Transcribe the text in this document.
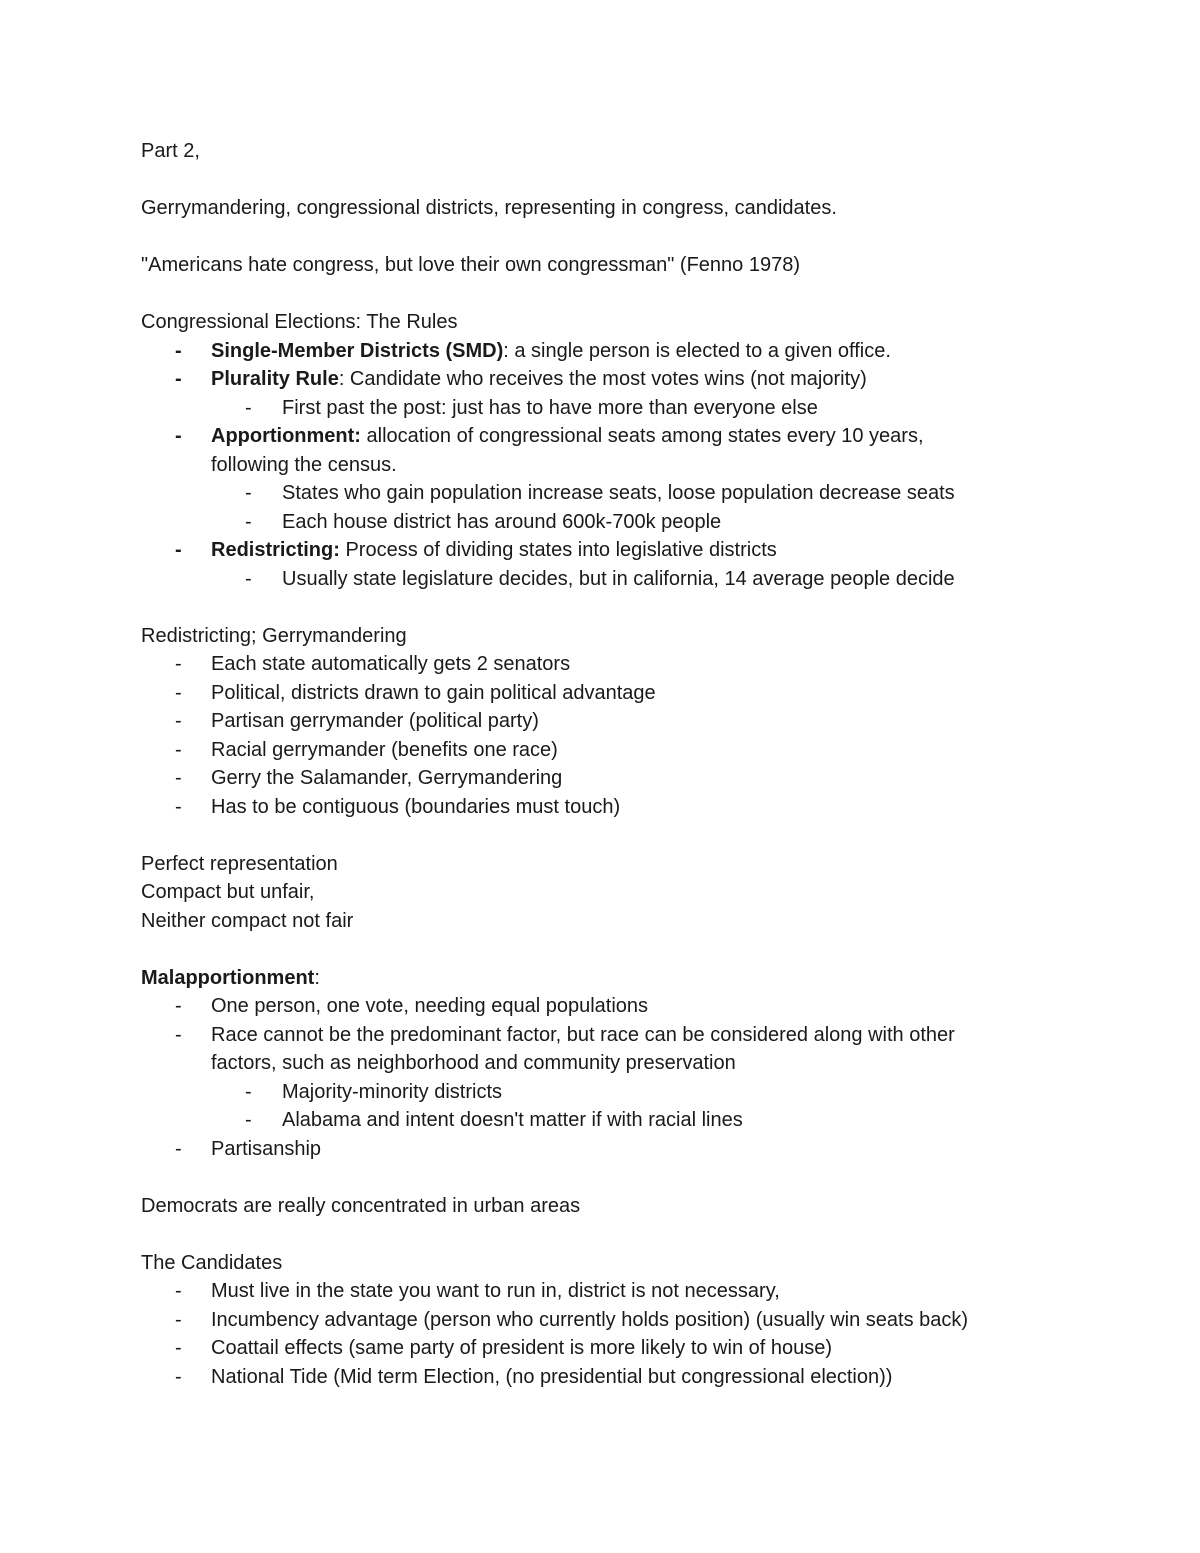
Part 2,
Gerrymandering, congressional districts, representing in congress, candidates.
"Americans hate congress, but love their own congressman" (Fenno 1978)
Congressional Elections: The Rules
- Single-Member Districts (SMD): a single person is elected to a given office.
- Plurality Rule: Candidate who receives the most votes wins (not majority)
- First past the post: just has to have more than everyone else
- Apportionment: allocation of congressional seats among states every 10 years,
following the census.
- States who gain population increase seats, loose population decrease seats
- Each house district has around 600k-700k people
- Redistricting: Process of dividing states into legislative districts
- Usually state legislature decides, but in california, 14 average people decide
Redistricting; Gerrymandering
- Each state automatically gets 2 senators
- Political, districts drawn to gain political advantage
- Partisan gerrymander (political party)
- Racial gerrymander (benefits one race)
- Gerry the Salamander, Gerrymandering
- Has to be contiguous (boundaries must touch)
Perfect representation
Compact but unfair,
Neither compact not fair
Malapportionment:
- One person, one vote, needing equal populations
- Race cannot be the predominant factor, but race can be considered along with other
factors, such as neighborhood and community preservation
- Majority-minority districts
- Alabama and intent doesn't matter if with racial lines
- Partisanship
Democrats are really concentrated in urban areas
The Candidates
- Must live in the state you want to run in, district is not necessary,
- Incumbency advantage (person who currently holds position) (usually win seats back)
- Coattail effects (same party of president is more likely to win of house)
- National Tide (Mid term Election, (no presidential but congressional election))
